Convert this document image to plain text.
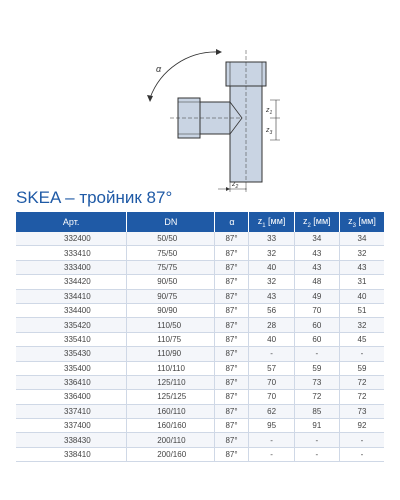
α
$z_1$
$z_3$
$z_2$
SKEA – тройник 87°
Арт.	DN	α	$z_1$ [мм]	$z_2$ [мм]	$z_3$ [мм]
332400	50/50	87°	33	34	34
333410	75/50	87°	32	43	32
333400	75/75	87°	40	43	43
334420	90/50	87°	32	48	31
334410	90/75	87°	43	49	40
334400	90/90	87°	56	70	51
335420	110/50	87°	28	60	32
335410	110/75	87°	40	60	45
335430	110/90	87°	-	-	-
335400	110/110	87°	57	59	59
336410	125/110	87°	70	73	72
336400	125/125	87°	70	72	72
337410	160/110	87°	62	85	73
337400	160/160	87°	95	91	92
338430	200/110	87°	-	-	-
338410	200/160	87°	-	-	-
